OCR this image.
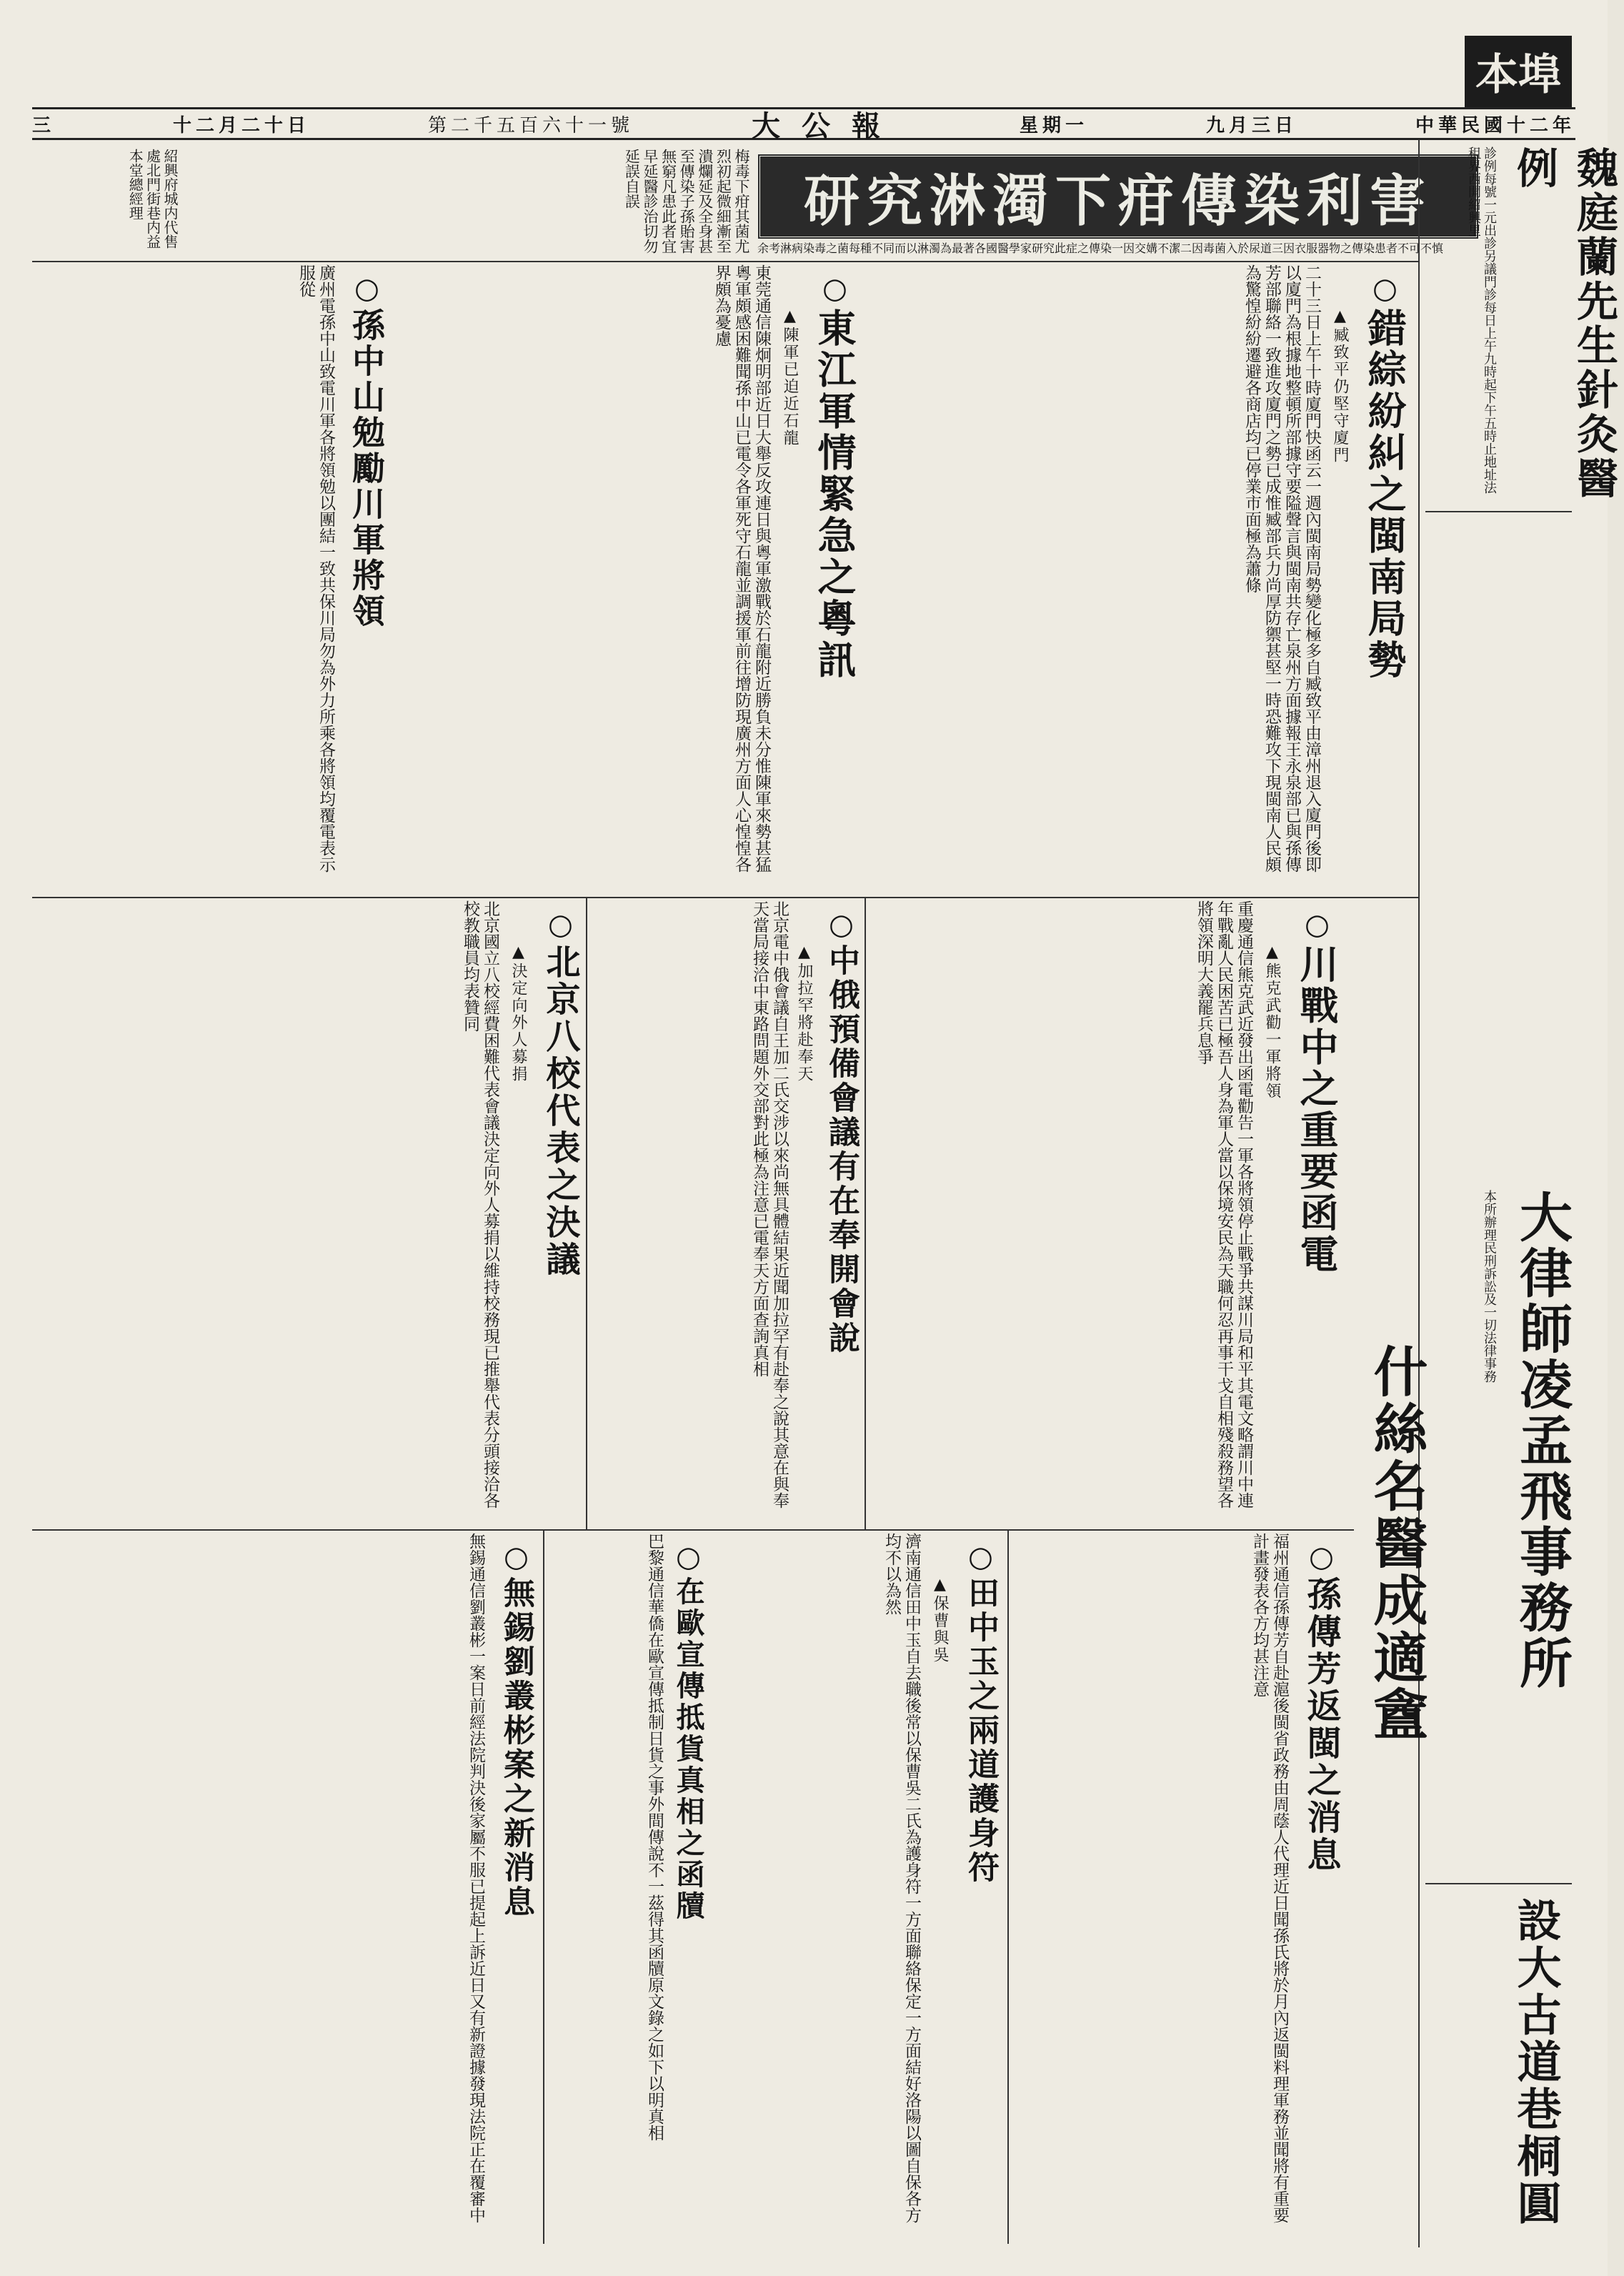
本埠
三	十二月二十日	第二千五百六十一號	大公報	星期一	九月三日	中華民國十二年
紹興府城内代售處北門街巷内益本堂總經理	梅毒下疳其菌尤烈初起微細漸至潰爛延及全身甚至傳染子孫貽害無窮凡患此者宜早延醫診治切勿延誤自誤	研究淋濁下疳傳染利害
余考淋病染毒之菌每種不同而以淋濁為最著各國醫學家研究此症之傳染一因交媾不潔二因毒菌入於尿道三因衣服器物之傳染患者不可不慎	魏庭蘭先生針灸醫例
診例每號一元出診另議門診每日上午九時起下午五時止地址法租界西開紹興里
大律師凌孟飛事務所
本所辦理民刑訴訟及一切法律事務
設大古道巷桐圓
什絲名醫成適盦
○ 錯綜紛糾之閩南局勢
▲臧致平仍堅守廈門
二十三日上午十時廈門快函云一週內閩南局勢變化極多自臧致平由漳州退入廈門後即以廈門為根據地整頓所部據守要隘聲言與閩南共存亡泉州方面據報王永泉部已與孫傳芳部聯絡一致進攻廈門之勢已成惟臧部兵力尚厚防禦甚堅一時恐難攻下現閩南人民頗為驚惶紛紛遷避各商店均已停業市面極為蕭條
○ 東江軍情緊急之粵訊
▲陳軍已迫近石龍
東莞通信陳炯明部近日大舉反攻連日與粵軍激戰於石龍附近勝負未分惟陳軍來勢甚猛粵軍頗感困難聞孫中山已電令各軍死守石龍並調援軍前往增防現廣州方面人心惶惶各界頗為憂慮
○ 孫中山勉勵川軍將領
廣州電孫中山致電川軍各將領勉以團結一致共保川局勿為外力所乘各將領均覆電表示服從
○ 川戰中之重要函電
▲熊克武勸一軍將領
重慶通信熊克武近發出函電勸告一軍各將領停止戰爭共謀川局和平其電文略謂川中連年戰亂人民困苦已極吾人身為軍人當以保境安民為天職何忍再事干戈自相殘殺務望各將領深明大義罷兵息爭
○ 中俄預備會議有在奉開會說
▲加拉罕將赴奉天
北京電中俄會議自王加二氏交涉以來尚無具體結果近聞加拉罕有赴奉之說其意在與奉天當局接洽中東路問題外交部對此極為注意已電奉天方面查詢真相
○ 北京八校代表之決議
▲決定向外人募捐
北京國立八校經費困難代表會議決定向外人募捐以維持校務現已推舉代表分頭接洽各校教職員均表贊同
○ 孫傳芳返閩之消息
福州通信孫傳芳自赴滬後閩省政務由周蔭人代理近日聞孫氏將於月內返閩料理軍務並聞將有重要計畫發表各方均甚注意
○ 田中玉之兩道護身符
▲保曹與吳
濟南通信田中玉自去職後常以保曹吳二氏為護身符一方面聯絡保定一方面結好洛陽以圖自保各方均不以為然
○ 在歐宣傳抵貨真相之函牘
巴黎通信華僑在歐宣傳抵制日貨之事外間傳說不一茲得其函牘原文錄之如下以明真相
○ 無錫劉叢彬案之新消息
無錫通信劉叢彬一案日前經法院判決後家屬不服已提起上訴近日又有新證據發現法院正在覆審中
